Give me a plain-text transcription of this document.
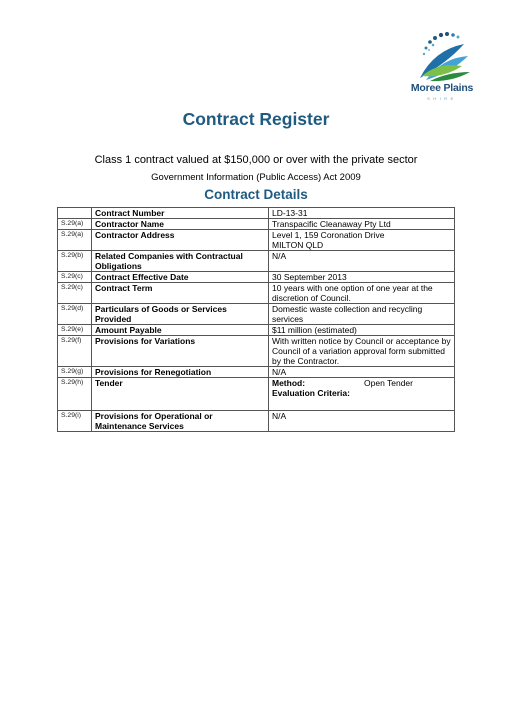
Moree Plains
SHIRE
Contract Register
Class 1 contract valued at $150,000 or over with the private sector
Government Information (Public Access) Act 2009
Contract Details
	Contract Number	LD-13-31
S.29(a)	Contractor Name	Transpacific Cleanaway Pty Ltd
S.29(a)	Contractor Address	Level 1, 159 Coronation Drive
MILTON QLD

S.29(b)	Related Companies with Contractual Obligations	N/A
S.29(c)	Contract Effective Date	30 September 2013
S.29(c)	Contract Term	10 years with one option of one year at the discretion of Council.
S.29(d)	Particulars of Goods or Services Provided	Domestic waste collection and recycling services
S.29(e)	Amount Payable	$11 million (estimated)
S.29(f)	Provisions for Variations	With written notice by Council or acceptance by Council of a variation approval form submitted by the Contractor.
S.29(g)	Provisions for Renegotiation	N/A
S.29(h)	Tender	Method: Open Tender
Evaluation Criteria:

S.29(i)	Provisions for Operational or Maintenance Services	N/A
